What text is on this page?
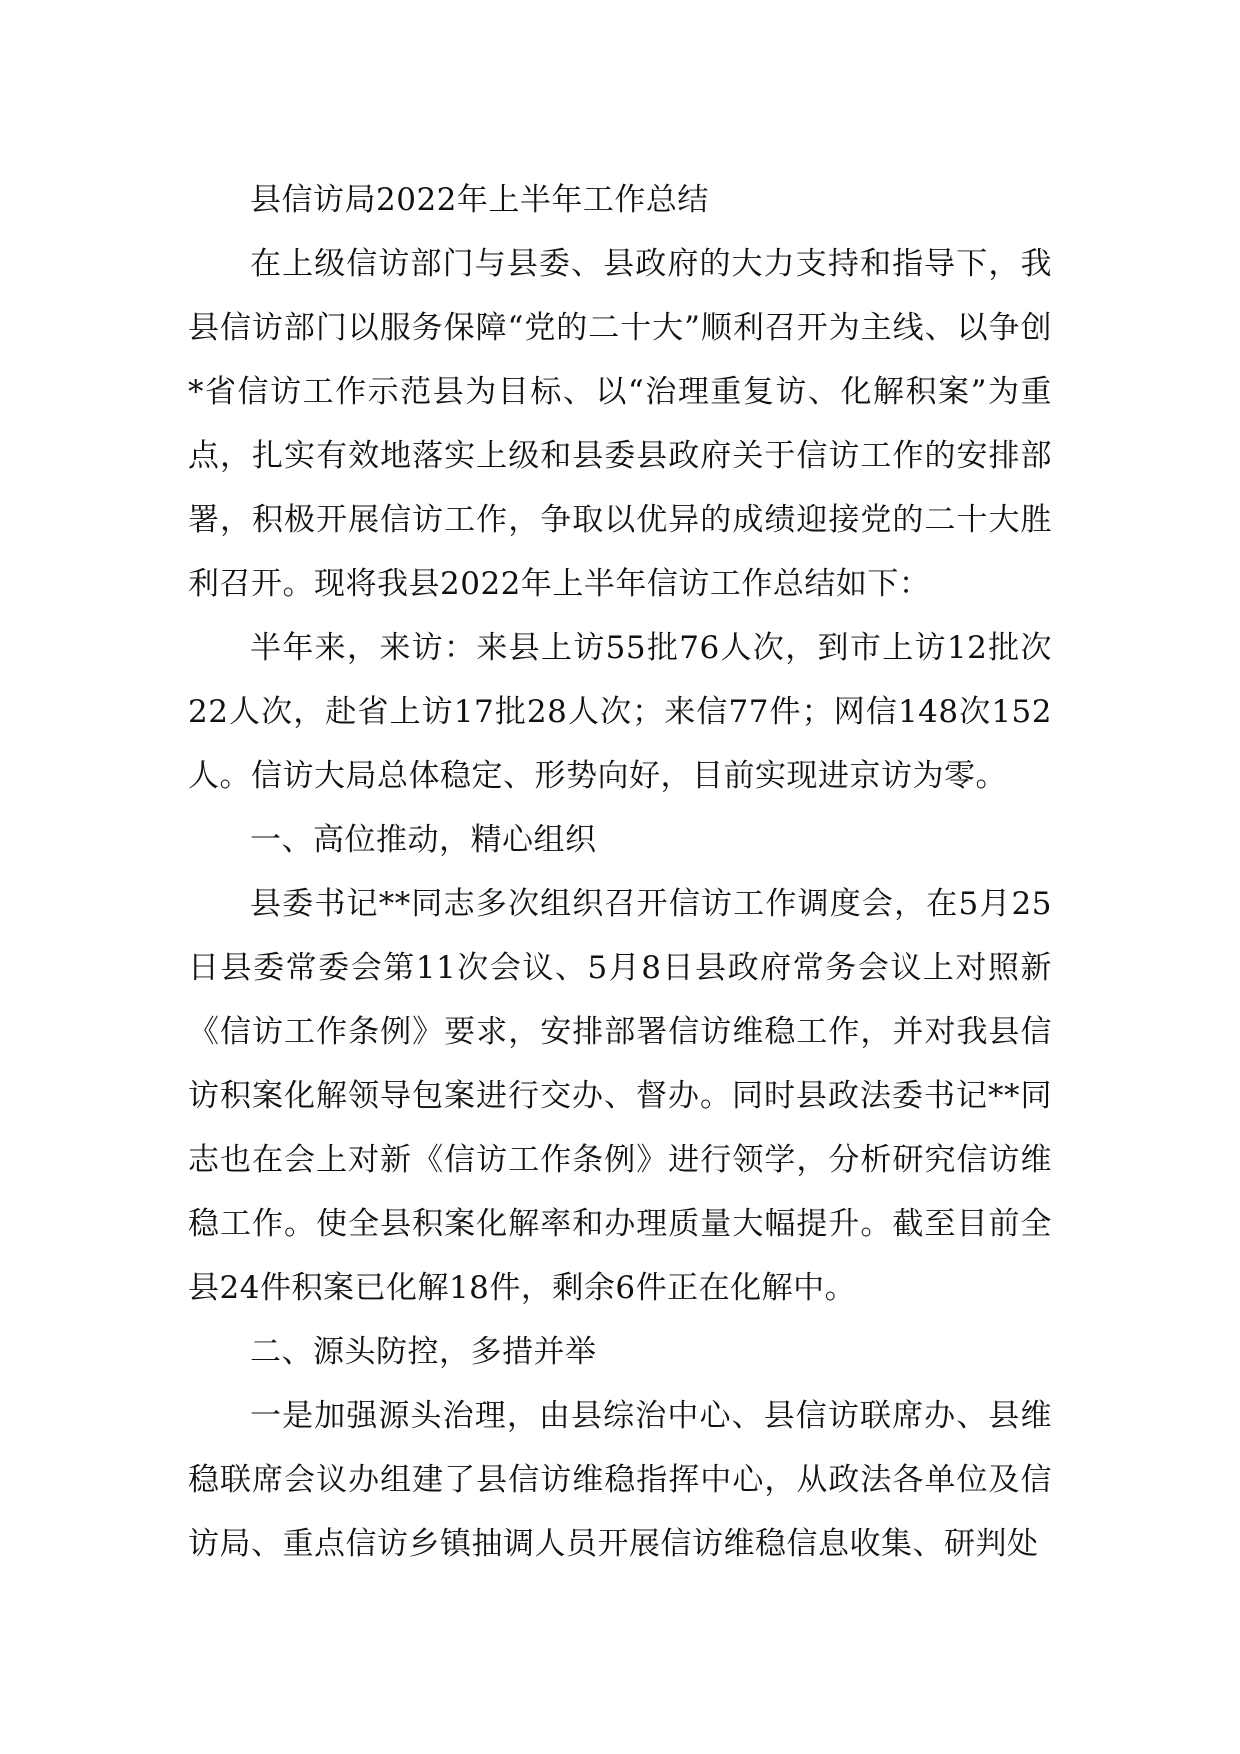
县信访局2022年上半年工作总结

在上级信访部门与县委、县政府的大力支持和指导下，我县信访部门以服务保障“党的二十大”顺利召开为主线、以争创*省信访工作示范县为目标、以“治理重复访、化解积案”为重点，扎实有效地落实上级和县委县政府关于信访工作的安排部署，积极开展信访工作，争取以优异的成绩迎接党的二十大胜利召开。现将我县2022年上半年信访工作总结如下：

半年来，来访：来县上访55批76人次，到市上访12批次22人次，赴省上访17批28人次；来信77件；网信148次152人。信访大局总体稳定、形势向好，目前实现进京访为零。

一、高位推动，精心组织

县委书记**同志多次组织召开信访工作调度会，在5月25日县委常委会第11次会议、5月8日县政府常务会议上对照新《信访工作条例》要求，安排部署信访维稳工作，并对我县信访积案化解领导包案进行交办、督办。同时县政法委书记**同志也在会上对新《信访工作条例》进行领学，分析研究信访维稳工作。使全县积案化解率和办理质量大幅提升。截至目前全县24件积案已化解18件，剩余6件正在化解中。

二、源头防控，多措并举

一是加强源头治理，由县综治中心、县信访联席办、县维稳联席会议办组建了县信访维稳指挥中心，从政法各单位及信访局、重点信访乡镇抽调人员开展信访维稳信息收集、研判处
